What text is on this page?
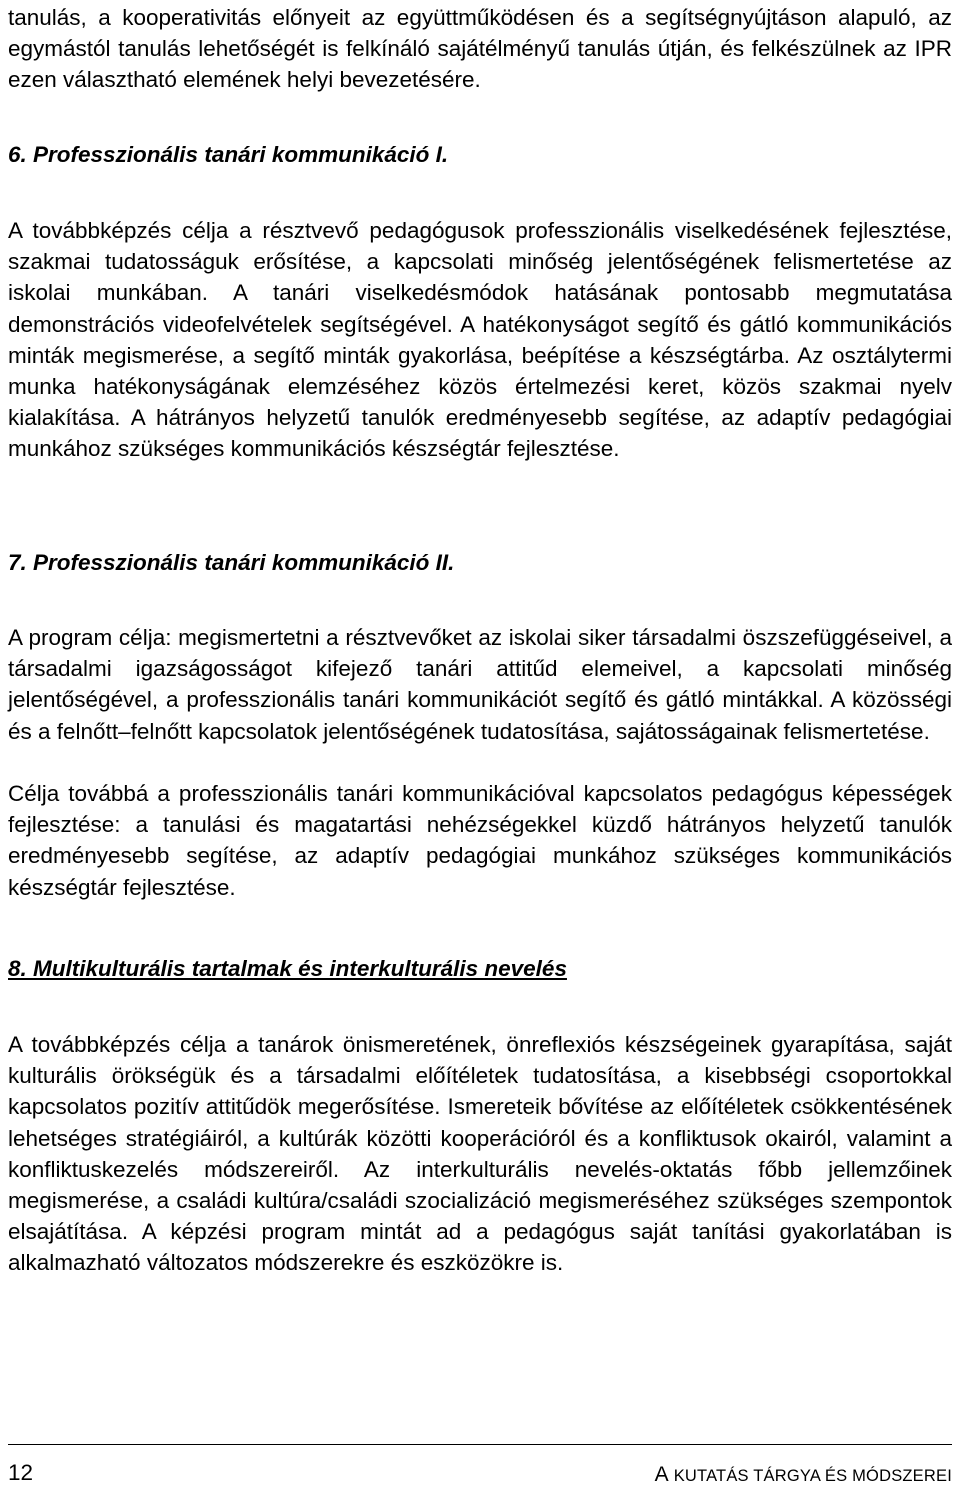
tanulás, a kooperativitás előnyeit az együttműködésen és a segítségnyújtáson alapuló, az egymástól tanulás lehetőségét is felkínáló sajátélményű tanulás útján, és felkészülnek az IPR ezen választható elemének helyi bevezetésére.

6. Professzionális tanári kommunikáció I.

A továbbképzés célja a résztvevő pedagógusok professzionális viselkedésének fejlesztése, szakmai tudatosságuk erősítése, a kapcsolati minőség jelentőségének felismertetése az iskolai munkában. A tanári viselkedésmódok hatásának pontosabb megmutatása demonstrációs videofelvételek segítségével. A hatékonyságot segítő és gátló kommunikációs minták megismerése, a segítő minták gyakorlása, beépítése a készségtárba. Az osztálytermi munka hatékonyságának elemzéséhez közös értelmezési keret, közös szakmai nyelv kialakítása. A hátrányos helyzetű tanulók eredményesebb segítése, az adaptív pedagógiai munkához szükséges kommunikációs készségtár fejlesztése.

7. Professzionális tanári kommunikáció II.

A program célja: megismertetni a résztvevőket az iskolai siker társadalmi öszszefüggéseivel, a társadalmi igazságosságot kifejező tanári attitűd elemeivel, a kapcsolati minőség jelentőségével, a professzionális tanári kommunikációt segítő és gátló mintákkal. A közösségi és a felnőtt–felnőtt kapcsolatok jelentőségének tudatosítása, sajátosságainak felismertetése.

Célja továbbá a professzionális tanári kommunikációval kapcsolatos pedagógus képességek fejlesztése: a tanulási és magatartási nehézségekkel küzdő hátrányos helyzetű tanulók eredményesebb segítése, az adaptív pedagógiai munkához szükséges kommunikációs készségtár fejlesztése.

8. Multikulturális tartalmak és interkulturális nevelés

A továbbképzés célja a tanárok önismeretének, önreflexiós készségeinek gyarapítása, saját kulturális örökségük és a társadalmi előítéletek tudatosítása, a kisebbségi csoportokkal kapcsolatos pozitív attitűdök megerősítése. Ismereteik bővítése az előítéletek csökkentésének lehetséges stratégiáiról, a kultúrák közötti kooperációról és a konfliktusok okairól, valamint a konfliktuskezelés módszereiről. Az interkulturális nevelés-oktatás főbb jellemzőinek megismerése, a családi kultúra/családi szocializáció megismeréséhez szükséges szempontok elsajátítása. A képzési program mintát ad a pedagógus saját tanítási gyakorlatában is alkalmazható változatos módszerekre és eszközökre is.

12	A KUTATÁS TÁRGYA ÉS MÓDSZEREI
